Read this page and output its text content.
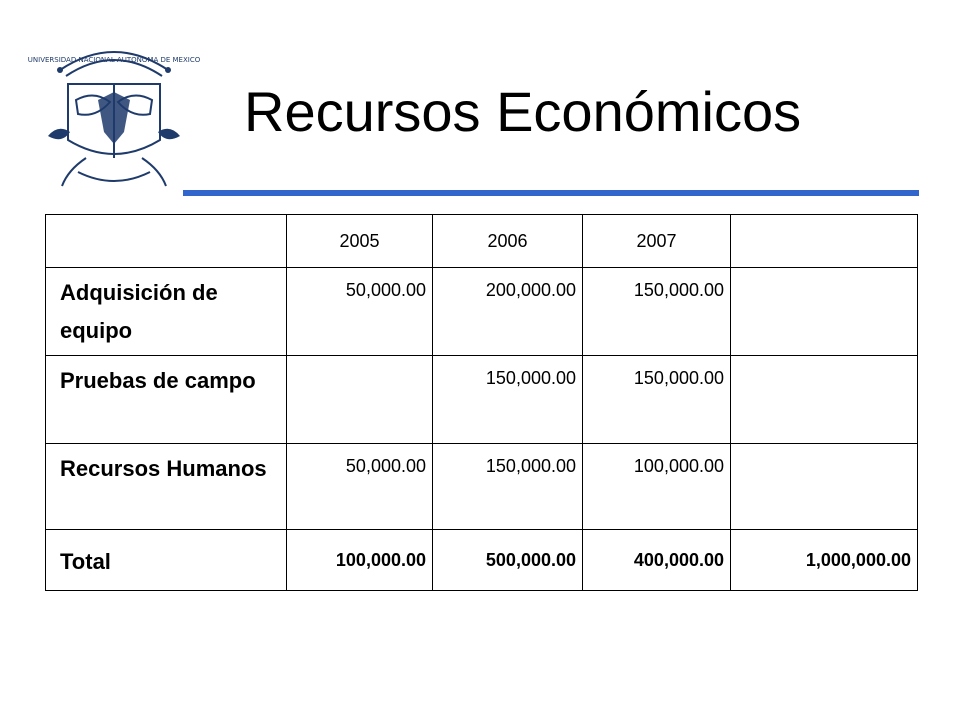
UNIVERSIDAD NACIONAL AUTONOMA DE MEXICO
Recursos Económicos
	2005	2006	2007	
Adquisición de equipo	50,000.00	200,000.00	150,000.00	
Pruebas de campo		150,000.00	150,000.00	
Recursos Humanos	50,000.00	150,000.00	100,000.00	
Total	100,000.00	500,000.00	400,000.00	1,000,000.00
